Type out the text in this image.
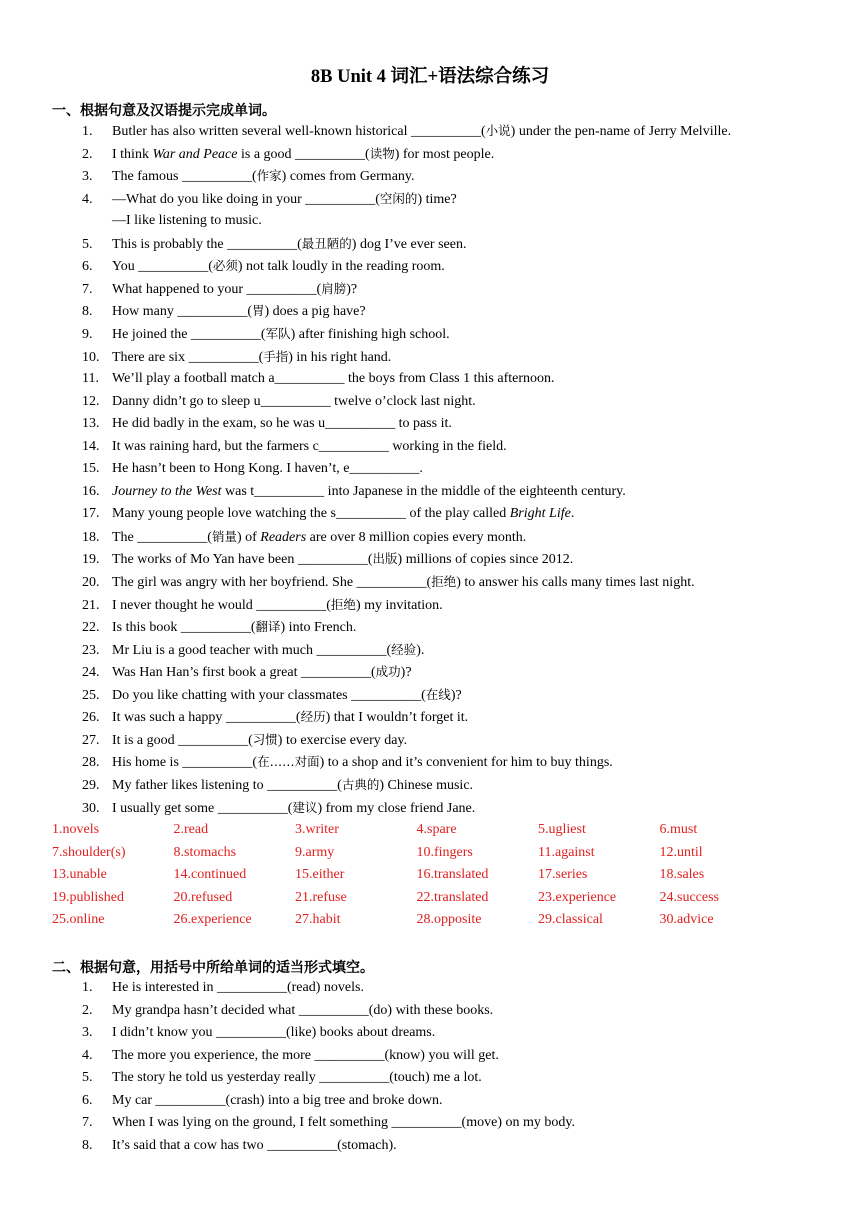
8B Unit 4 词汇+语法综合练习
一、根据句意及汉语提示完成单词。
1. Butler has also written several well-known historical __________(小说) under the pen-name of Jerry Melville.
2. I think War and Peace is a good __________(读物) for most people.
3. The famous __________(作家) comes from Germany.
4. —What do you like doing in your __________(空闲的) time?
—I like listening to music.
5. This is probably the __________(最丑陋的) dog I’ve ever seen.
6. You __________(必须) not talk loudly in the reading room.
7. What happened to your __________(肩膀)?
8. How many __________(胃) does a pig have?
9. He joined the __________(军队) after finishing high school.
10. There are six __________(手指) in his right hand.
11. We’ll play a football match a__________ the boys from Class 1 this afternoon.
12. Danny didn’t go to sleep u__________ twelve o’clock last night.
13. He did badly in the exam, so he was u__________ to pass it.
14. It was raining hard, but the farmers c__________ working in the field.
15. He hasn’t been to Hong Kong. I haven’t, e__________.
16. Journey to the West was t__________ into Japanese in the middle of the eighteenth century.
17. Many young people love watching the s__________ of the play called Bright Life.
18. The __________(销量) of Readers are over 8 million copies every month.
19. The works of Mo Yan have been __________(出版) millions of copies since 2012.
20. The girl was angry with her boyfriend. She __________(拒绝) to answer his calls many times last night.
21. I never thought he would __________(拒绝) my invitation.
22. Is this book __________(翻译) into French.
23. Mr Liu is a good teacher with much __________(经验).
24. Was Han Han’s first book a great __________(成功)?
25. Do you like chatting with your classmates __________(在线)?
26. It was such a happy __________(经历) that I wouldn’t forget it.
27. It is a good __________(习惯) to exercise every day.
28. His home is __________(在……对面) to a shop and it’s convenient for him to buy things.
29. My father likes listening to __________(古典的) Chinese music.
30. I usually get some __________(建议) from my close friend Jane.
1.novels	2.read	3.writer	4.spare	5.ugliest	6.must
7.shoulder(s)	8.stomachs	9.army	10.fingers	11.against	12.until
13.unable	14.continued	15.either	16.translated	17.series	18.sales
19.published	20.refused	21.refuse	22.translated	23.experience	24.success
25.online	26.experience	27.habit	28.opposite	29.classical	30.advice
二、根据句意，用括号中所给单词的适当形式填空。
1. He is interested in __________(read) novels.
2. My grandpa hasn’t decided what __________(do) with these books.
3. I didn’t know you __________(like) books about dreams.
4. The more you experience, the more __________(know) you will get.
5. The story he told us yesterday really __________(touch) me a lot.
6. My car __________(crash) into a big tree and broke down.
7. When I was lying on the ground, I felt something __________(move) on my body.
8. It’s said that a cow has two __________(stomach).
